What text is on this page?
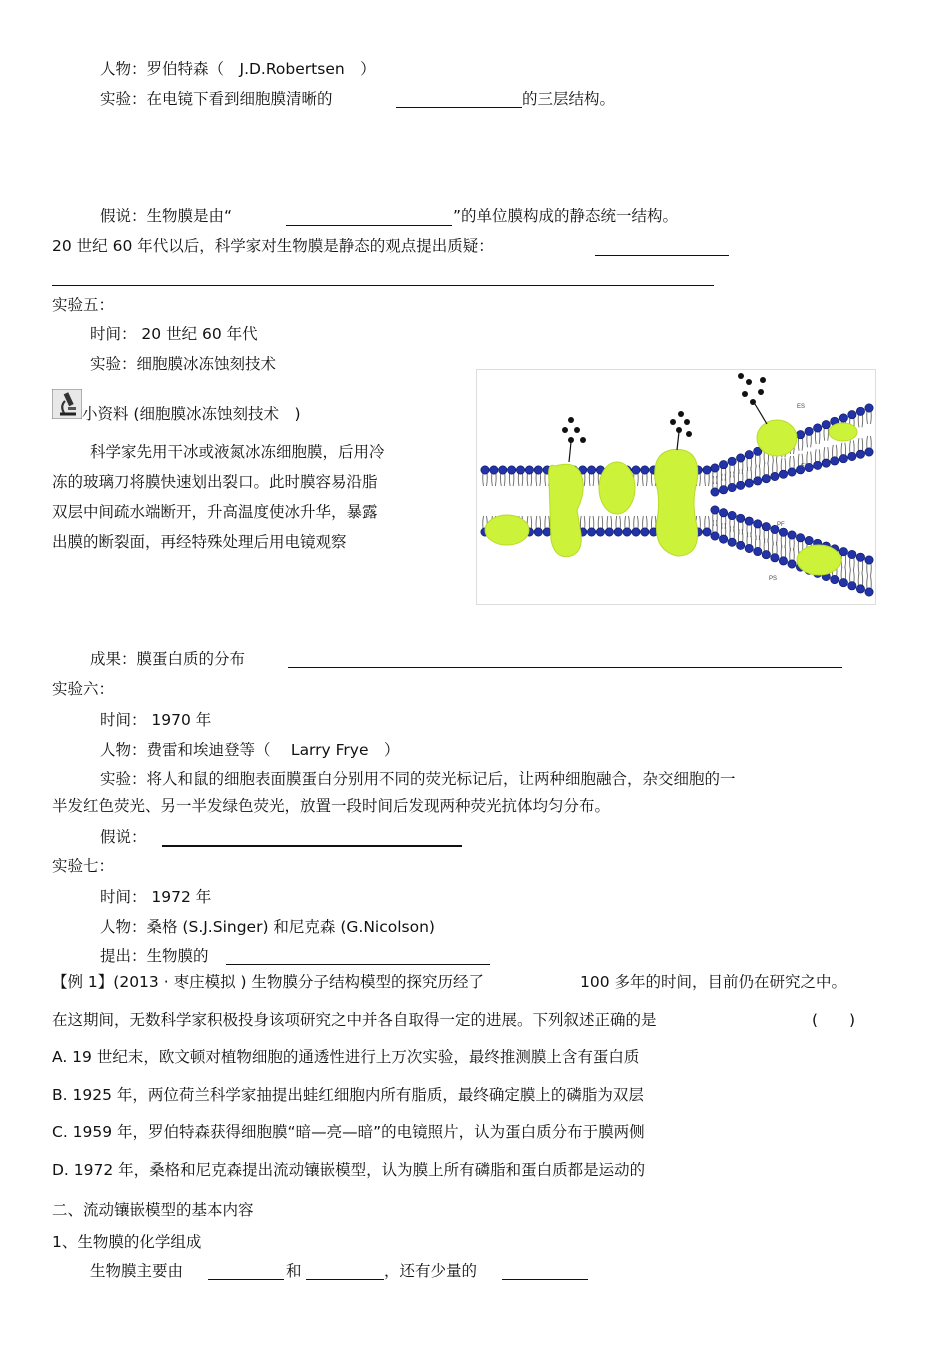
人物：罗伯特森（　J.D.Robertsen　）
实验：在电镜下看到细胞膜清晰的	的三层结构。
假说：生物膜是由“	”的单位膜构成的静态统一结构。
20 世纪 60 年代以后，科学家对生物膜是静态的观点提出质疑：
实验五：
时间： 20 世纪 60 年代
实验：细胞膜冰冻蚀刻技术
小资料 (细胞膜冰冻蚀刻技术　)
科学家先用干冰或液氮冰冻细胞膜，后用冷
冻的玻璃刀将膜快速划出裂口。此时膜容易沿脂
双层中间疏水端断开，升高温度使冰升华，暴露
出膜的断裂面，再经特殊处理后用电镜观察
ES
EF
PF
PS
成果：膜蛋白质的分布
实验六：
时间： 1970 年
人物：费雷和埃迪登等（　 Larry Frye　）
实验：将人和鼠的细胞表面膜蛋白分别用不同的荧光标记后，让两种细胞融合，杂交细胞的一
半发红色荧光、另一半发绿色荧光，放置一段时间后发现两种荧光抗体均匀分布。
假说：
实验七：
时间： 1972 年
人物：桑格 (S.J.Singer) 和尼克森 (G.Nicolson)
提出：生物膜的
【例 1】(2013 · 枣庄模拟 ) 生物膜分子结构模型的探究历经了	100 多年的时间，目前仍在研究之中。
在这期间，无数科学家积极投身该项研究之中并各自取得一定的进展。下列叙述正确的是	(　　)
A. 19 世纪末，欧文顿对植物细胞的通透性进行上万次实验，最终推测膜上含有蛋白质
B. 1925 年，两位荷兰科学家抽提出蛙红细胞内所有脂质，最终确定膜上的磷脂为双层
C. 1959 年，罗伯特森获得细胞膜“暗—亮—暗”的电镜照片，认为蛋白质分布于膜两侧
D. 1972 年，桑格和尼克森提出流动镶嵌模型，认为膜上所有磷脂和蛋白质都是运动的
二、流动镶嵌模型的基本内容
1、生物膜的化学组成
生物膜主要由	和	，还有少量的
